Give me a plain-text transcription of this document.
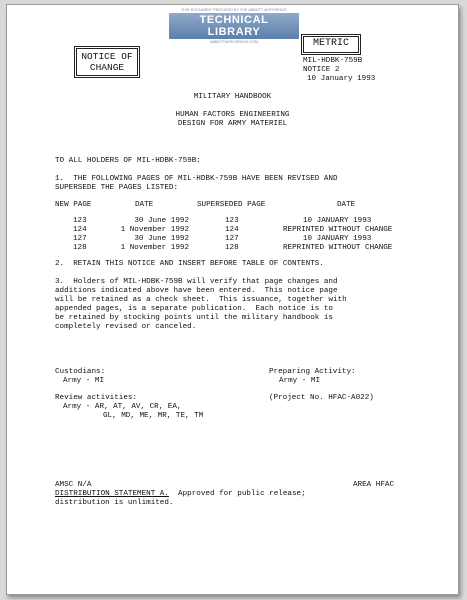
THIS DOCUMENT PROVIDED BY THE ABBOTT AEROSPACE
TECHNICAL LIBRARY
ABBOTTAEROSPACE.COM
NOTICE OF
CHANGE
METRIC
MIL-HDBK-759B
NOTICE 2
10 January 1993
MILITARY HANDBOOK
HUMAN FACTORS ENGINEERING
DESIGN FOR ARMY MATERIEL
TO ALL HOLDERS OF MIL-HDBK-759B:
1.  THE FOLLOWING PAGES OF MIL-HDBK-759B HAVE BEEN REVISED AND
SUPERSEDE THE PAGES LISTED:
NEW PAGE	DATE	SUPERSEDED PAGE	DATE
123	30 June 1992	123	10 JANUARY 1993
124	1 November 1992	124	REPRINTED WITHOUT CHANGE
127	30 June 1992	127	10 JANUARY 1993
128	1 November 1992	128	REPRINTED WITHOUT CHANGE
2.  RETAIN THIS NOTICE AND INSERT BEFORE TABLE OF CONTENTS.
3.  Holders of MIL-HDBK-759B will verify that page changes and
additions indicated above have been entered.  This notice page
will be retained as a check sheet.  This issuance, together with
appended pages, is a separate publication.  Each notice is to
be retained by stocking points until the military handbook is
completely revised or canceled.
Custodians:
Army - MI
Preparing Activity:
Army - MI
Review activities:
Army - AR, AT, AV, CR, EA,
GL, MD, ME, MR, TE, TM
(Project No. HFAC-A022)
AMSC N/A	AREA HFAC
DISTRIBUTION STATEMENT A.  Approved for public release;
distribution is unlimited.
